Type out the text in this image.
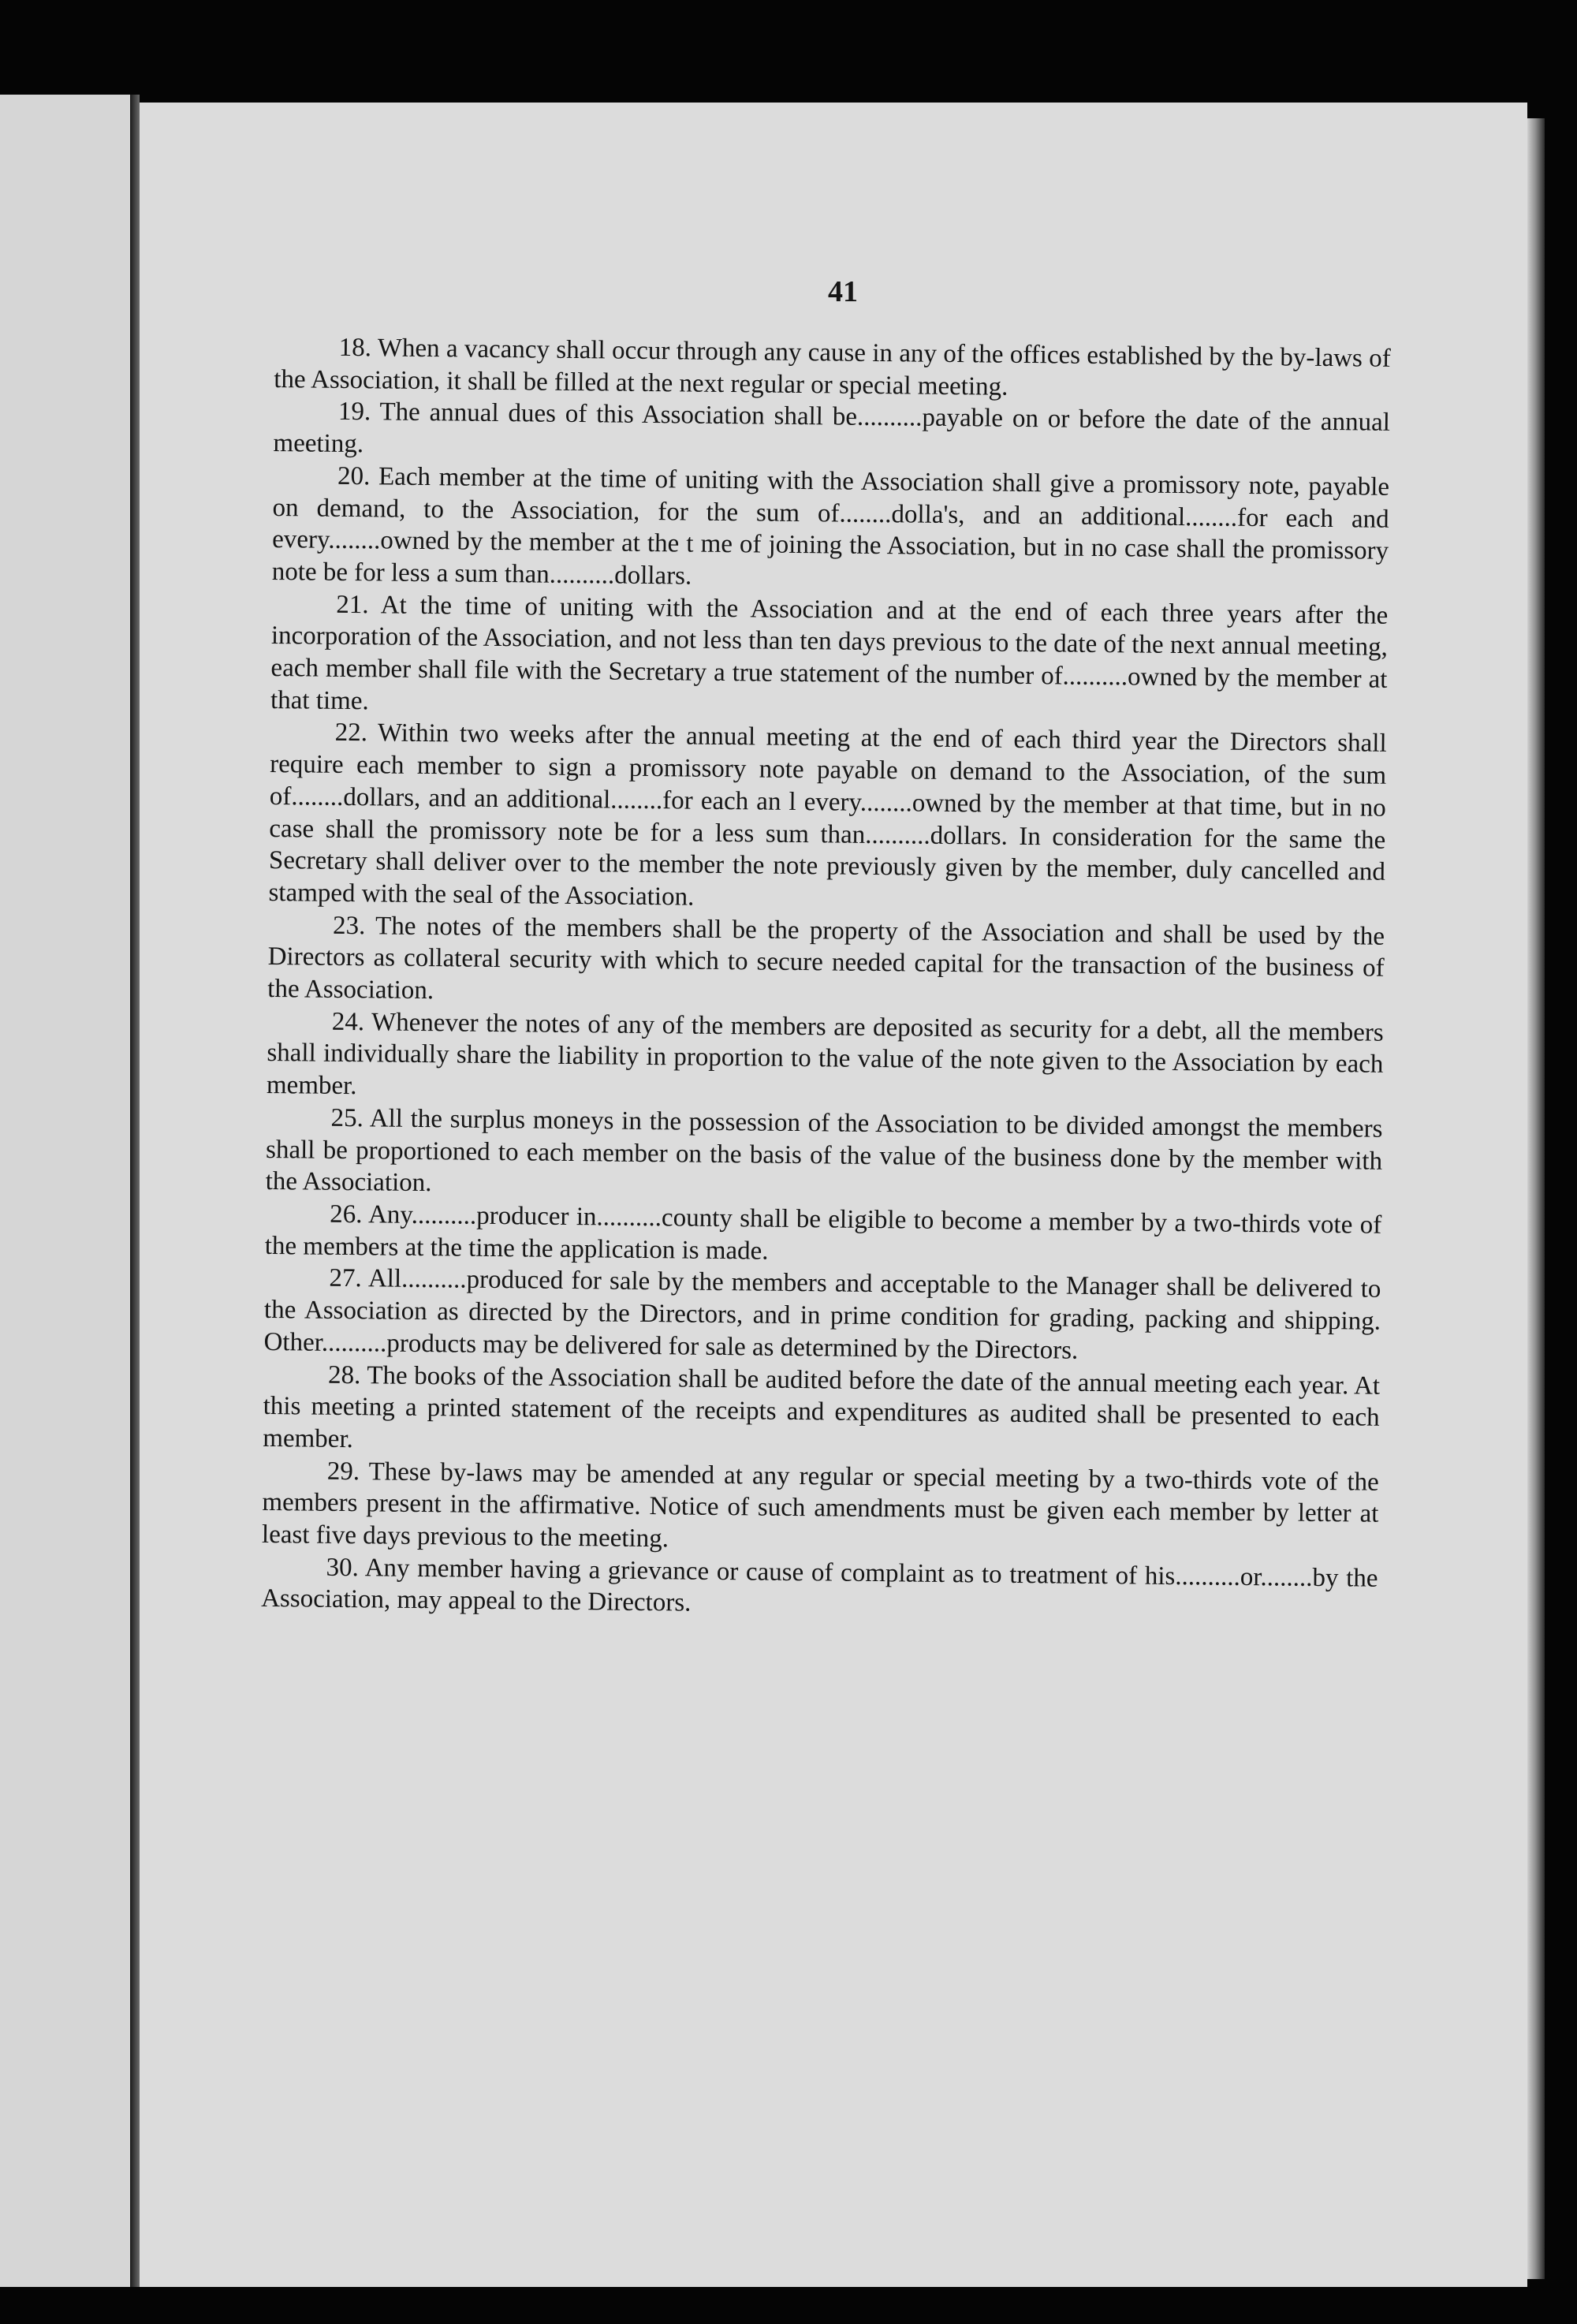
41

18. When a vacancy shall occur through any cause in any of the offices established by the by-laws of the Association, it shall be filled at the next regular or special meeting.

19. The annual dues of this Association shall be..........payable on or before the date of the annual meeting.

20. Each member at the time of uniting with the Association shall give a promissory note, payable on demand, to the Association, for the sum of........dolla's, and an additional........for each and every........owned by the member at the t me of joining the Association, but in no case shall the promissory note be for less a sum than..........dollars.

21. At the time of uniting with the Association and at the end of each three years after the incorporation of the Association, and not less than ten days previous to the date of the next annual meeting, each member shall file with the Secretary a true statement of the number of..........owned by the member at that time.

22. Within two weeks after the annual meeting at the end of each third year the Directors shall require each member to sign a promissory note payable on demand to the Association, of the sum of........dollars, and an additional........for each an l every........owned by the member at that time, but in no case shall the promissory note be for a less sum than..........dollars. In consideration for the same the Secretary shall deliver over to the member the note previously given by the member, duly cancelled and stamped with the seal of the Association.

23. The notes of the members shall be the property of the Association and shall be used by the Directors as collateral security with which to secure needed capital for the transaction of the business of the Association.

24. Whenever the notes of any of the members are deposited as security for a debt, all the members shall individually share the liability in proportion to the value of the note given to the Association by each member.

25. All the surplus moneys in the possession of the Association to be divided amongst the members shall be proportioned to each member on the basis of the value of the business done by the member with the Association.

26. Any..........producer in..........county shall be eligible to become a member by a two-thirds vote of the members at the time the application is made.

27. All..........produced for sale by the members and acceptable to the Manager shall be delivered to the Association as directed by the Directors, and in prime condition for grading, packing and shipping. Other..........products may be delivered for sale as determined by the Directors.

28. The books of the Association shall be audited before the date of the annual meeting each year. At this meeting a printed statement of the receipts and expenditures as audited shall be presented to each member.

29. These by-laws may be amended at any regular or special meeting by a two-thirds vote of the members present in the affirmative. Notice of such amendments must be given each member by letter at least five days previous to the meeting.

30. Any member having a grievance or cause of complaint as to treatment of his..........or........by the Association, may appeal to the Directors.
